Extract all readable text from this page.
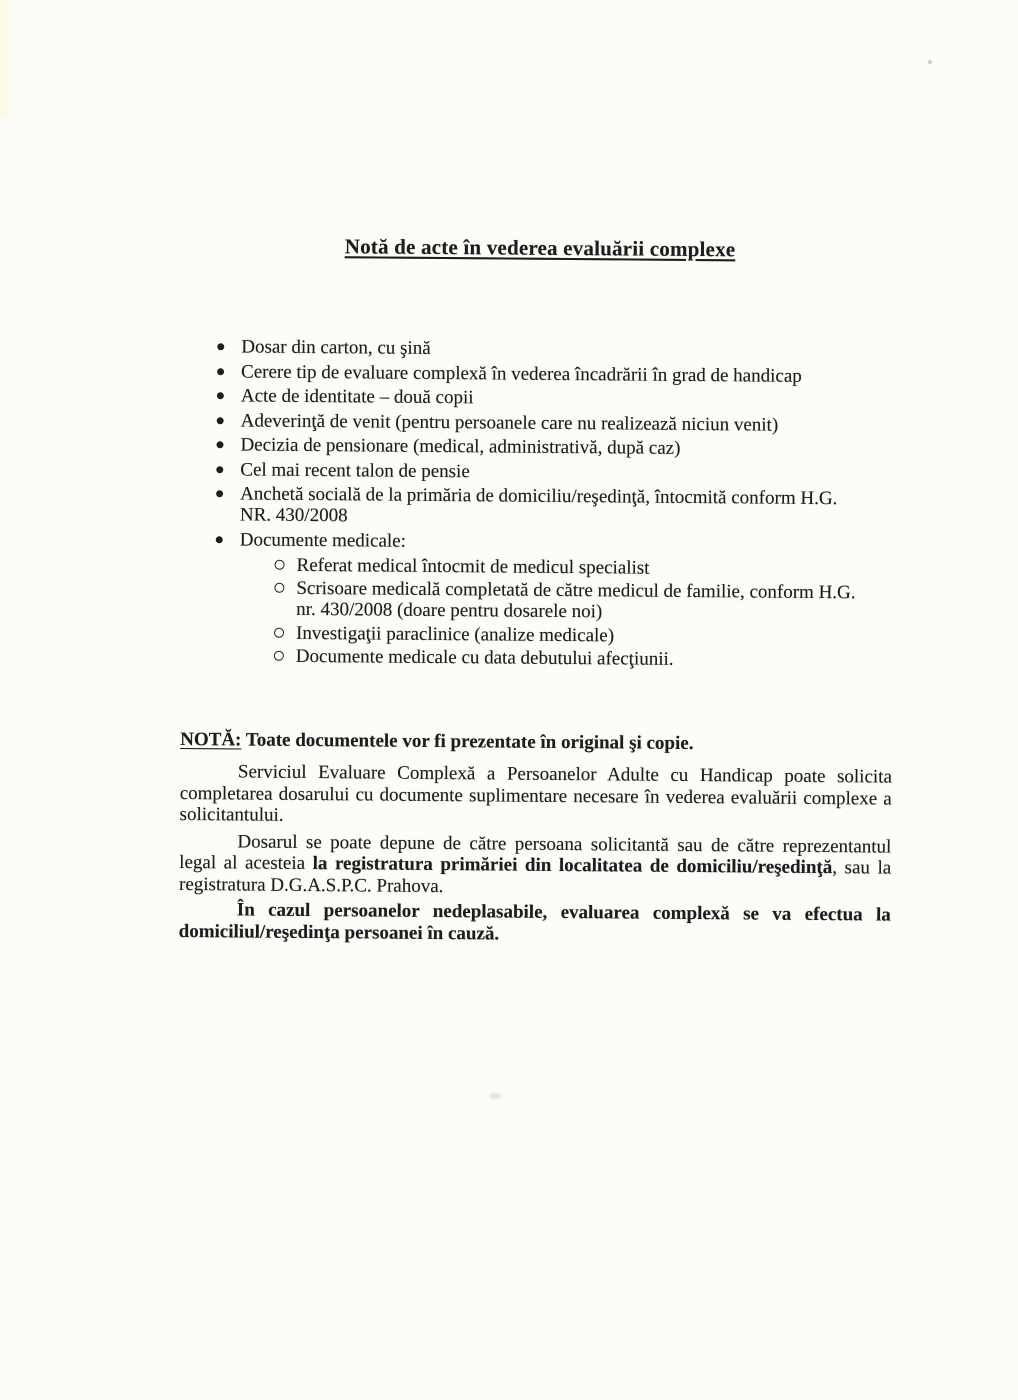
Notă de acte în vederea evaluării complexe
Dosar din carton, cu şină
Cerere tip de evaluare complexă în vederea încadrării în grad de handicap
Acte de identitate – două copii
Adeverinţă de venit (pentru persoanele care nu realizează niciun venit)
Decizia de pensionare (medical, administrativă, după caz)
Cel mai recent talon de pensie
Anchetă socială de la primăria de domiciliu/reşedinţă, întocmită conform H.G.
NR. 430/2008
Documente medicale:
Referat medical întocmit de medicul specialist
Scrisoare medicală completată de către medicul de familie, conform H.G.
nr. 430/2008 (doare pentru dosarele noi)
Investigaţii paraclinice (analize medicale)
Documente medicale cu data debutului afecţiunii.
NOTĂ: Toate documentele vor fi prezentate în original şi copie.

Serviciul Evaluare Complexă a Persoanelor Adulte cu Handicap poate solicita completarea dosarului cu documente suplimentare necesare în vederea evaluării complexe a solicitantului.

Dosarul se poate depune de către persoana solicitantă sau de către reprezentantul legal al acesteia la registratura primăriei din localitatea de domiciliu/reşedinţă, sau la registratura D.G.A.S.P.C. Prahova.

În cazul persoanelor nedeplasabile, evaluarea complexă se va efectua la domiciliul/reşedinţa persoanei în cauză.
